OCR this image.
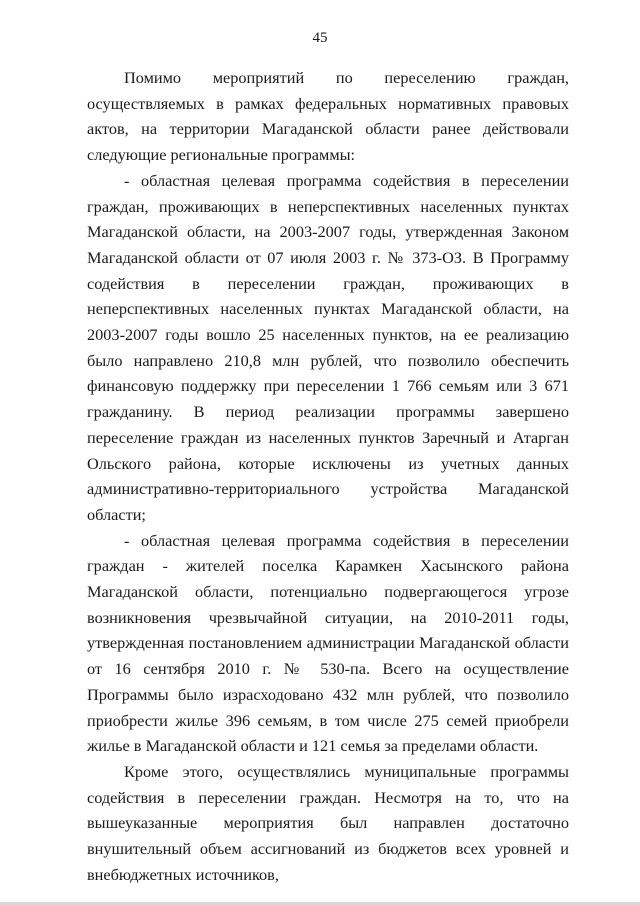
45

Помимо мероприятий по переселению граждан, осуществляемых в рамках федеральных нормативных правовых актов, на территории Магаданской области ранее действовали следующие региональные программы:

- областная целевая программа содействия в переселении граждан, проживающих в неперспективных населенных пунктах Магаданской области, на 2003-2007 годы, утвержденная Законом Магаданской области от 07 июля 2003 г. № 373-ОЗ. В Программу содействия в переселении граждан, проживающих в неперспективных населенных пунктах Магаданской области, на 2003-2007 годы вошло 25 населенных пунктов, на ее реализацию было направлено 210,8 млн рублей, что позволило обеспечить финансовую поддержку при переселении 1 766 семьям или 3 671 гражданину. В период реализации программы завершено переселение граждан из населенных пунктов Заречный и Атарган Ольского района, которые исключены из учетных данных административно-территориального устройства Магаданской области;

- областная целевая программа содействия в переселении граждан - жителей поселка Карамкен Хасынского района Магаданской области, потенциально подвергающегося угрозе возникновения чрезвычайной ситуации, на 2010-2011 годы, утвержденная постановлением администрации Магаданской области от 16 сентября 2010 г. № 530-па. Всего на осуществление Программы было израсходовано 432 млн рублей, что позволило приобрести жилье 396 семьям, в том числе 275 семей приобрели жилье в Магаданской области и 121 семья за пределами области.

Кроме этого, осуществлялись муниципальные программы содействия в переселении граждан. Несмотря на то, что на вышеуказанные мероприятия был направлен достаточно внушительный объем ассигнований из бюджетов всех уровней и внебюджетных источников,
